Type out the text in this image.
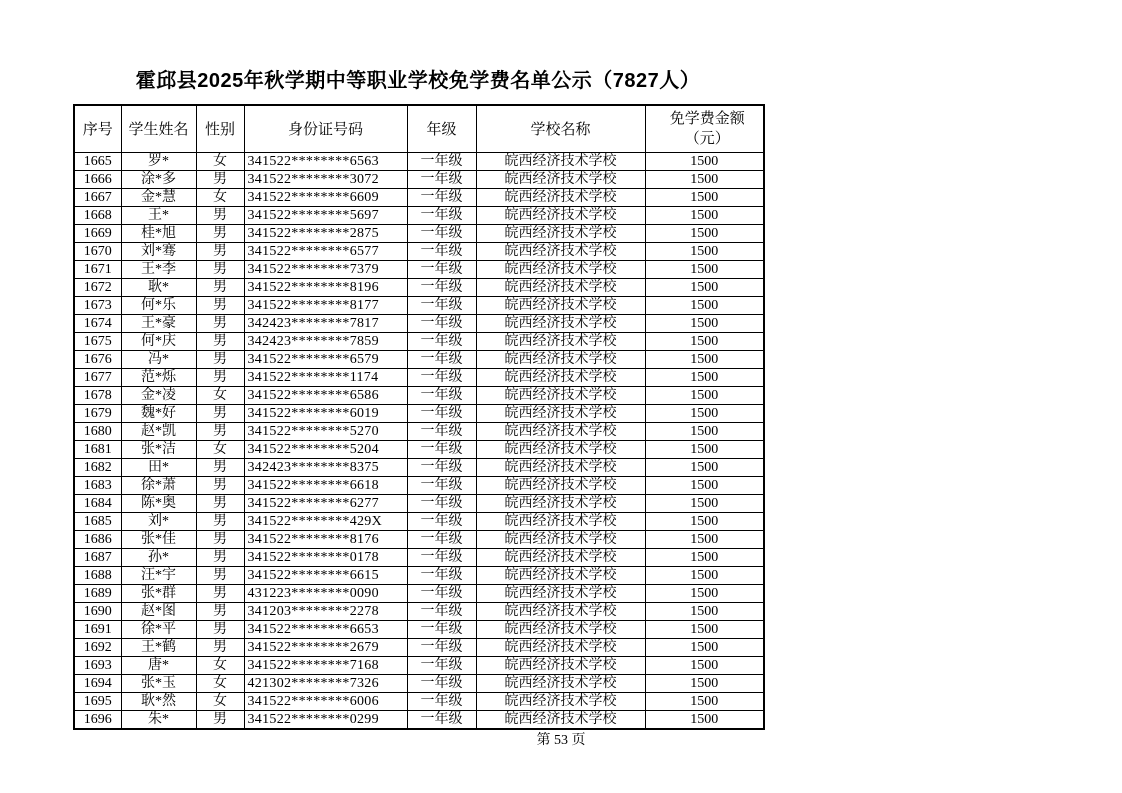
霍邱县2025年秋学期中等职业学校免学费名单公示（7827人）
序号	学生姓名	性别	身份证号码	年级	学校名称	免学费金额
（元）

1665	罗*	女	341522********6563	一年级	皖西经济技术学校	1500
1666	涂*多	男	341522********3072	一年级	皖西经济技术学校	1500
1667	金*慧	女	341522********6609	一年级	皖西经济技术学校	1500
1668	王*	男	341522********5697	一年级	皖西经济技术学校	1500
1669	桂*旭	男	341522********2875	一年级	皖西经济技术学校	1500
1670	刘*骞	男	341522********6577	一年级	皖西经济技术学校	1500
1671	王*李	男	341522********7379	一年级	皖西经济技术学校	1500
1672	耿*	男	341522********8196	一年级	皖西经济技术学校	1500
1673	何*乐	男	341522********8177	一年级	皖西经济技术学校	1500
1674	王*豪	男	342423********7817	一年级	皖西经济技术学校	1500
1675	何*庆	男	342423********7859	一年级	皖西经济技术学校	1500
1676	冯*	男	341522********6579	一年级	皖西经济技术学校	1500
1677	范*烁	男	341522********1174	一年级	皖西经济技术学校	1500
1678	金*凌	女	341522********6586	一年级	皖西经济技术学校	1500
1679	魏*好	男	341522********6019	一年级	皖西经济技术学校	1500
1680	赵*凯	男	341522********5270	一年级	皖西经济技术学校	1500
1681	张*洁	女	341522********5204	一年级	皖西经济技术学校	1500
1682	田*	男	342423********8375	一年级	皖西经济技术学校	1500
1683	徐*萧	男	341522********6618	一年级	皖西经济技术学校	1500
1684	陈*奥	男	341522********6277	一年级	皖西经济技术学校	1500
1685	刘*	男	341522********429X	一年级	皖西经济技术学校	1500
1686	张*佳	男	341522********8176	一年级	皖西经济技术学校	1500
1687	孙*	男	341522********0178	一年级	皖西经济技术学校	1500
1688	汪*宇	男	341522********6615	一年级	皖西经济技术学校	1500
1689	张*群	男	431223********0090	一年级	皖西经济技术学校	1500
1690	赵*图	男	341203********2278	一年级	皖西经济技术学校	1500
1691	徐*平	男	341522********6653	一年级	皖西经济技术学校	1500
1692	王*鹤	男	341522********2679	一年级	皖西经济技术学校	1500
1693	唐*	女	341522********7168	一年级	皖西经济技术学校	1500
1694	张*玉	女	421302********7326	一年级	皖西经济技术学校	1500
1695	耿*然	女	341522********6006	一年级	皖西经济技术学校	1500
1696	朱*	男	341522********0299	一年级	皖西经济技术学校	1500
第 53 页
